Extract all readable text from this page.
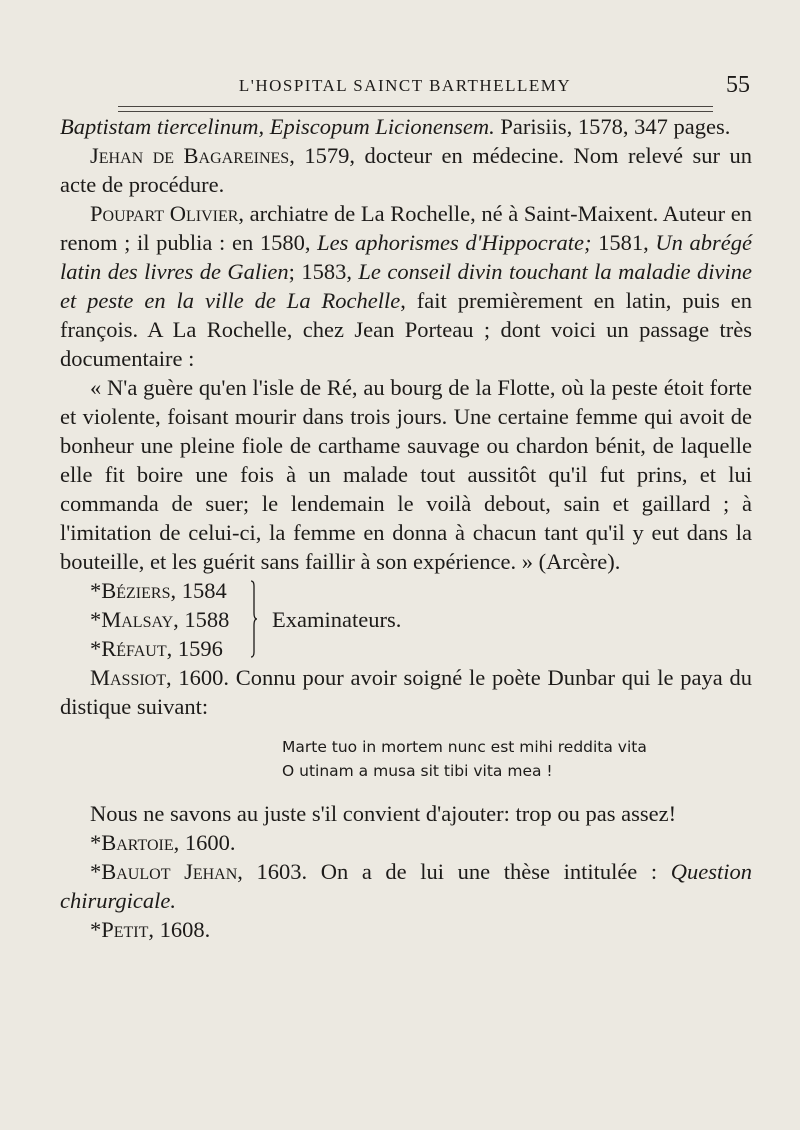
L'HOSPITAL SAINCT BARTHELLEMY	55

Baptistam tiercelinum, Episcopum Licionensem. Parisiis, 1578, 347 pages.

Jehan de Bagareines, 1579, docteur en médecine. Nom relevé sur un acte de procédure.

Poupart Olivier, archiatre de La Rochelle, né à Saint-Maixent. Auteur en renom ; il publia : en 1580, Les aphorismes d'Hippocrate; 1581, Un abrégé latin des livres de Galien; 1583, Le conseil divin touchant la maladie divine et peste en la ville de La Rochelle, fait premièrement en latin, puis en françois. A La Rochelle, chez Jean Porteau ; dont voici un passage très documentaire :

« N'a guère qu'en l'isle de Ré, au bourg de la Flotte, où la peste étoit forte et violente, foisant mourir dans trois jours. Une certaine femme qui avoit de bonheur une pleine fiole de carthame sauvage ou chardon bénit, de laquelle elle fit boire une fois à un malade tout aussitôt qu'il fut prins, et lui commanda de suer; le lendemain le voilà debout, sain et gaillard ; à l'imitation de celui-ci, la femme en donna à chacun tant qu'il y eut dans la bouteille, et les guérit sans faillir à son expérience. » (Arcère).

*Béziers, 1584
*Malsay, 1588
*Réfaut, 1596
Examinateurs.

Massiot, 1600. Connu pour avoir soigné le poète Dunbar qui le paya du distique suivant:

Marte tuo in mortem nunc est mihi reddita vita
O utinam a musa sit tibi vita mea !

Nous ne savons au juste s'il convient d'ajouter: trop ou pas assez!

*Bartoie, 1600.

*Baulot Jehan, 1603. On a de lui une thèse intitulée : Question chirurgicale.

*Petit, 1608.
